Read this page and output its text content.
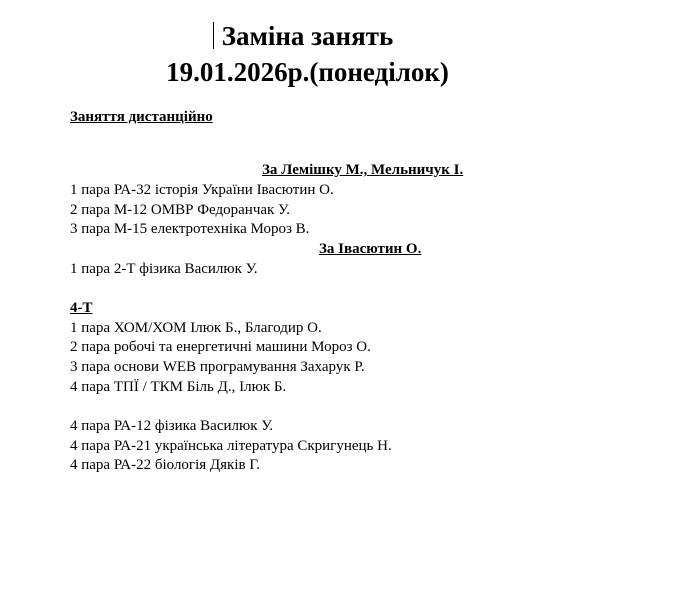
Заміна занять
19.01.2026р.(понеділок)
Заняття дистанційно
За Лемішку М., Мельничук І.
1 пара РА-32 історія України Івасютин О.
2 пара М-12 ОМВР Федоранчак У.
3 пара М-15 електротехніка Мороз В.
За Івасютин О.
1 пара 2-Т фізика Василюк У.
4-Т
1 пара ХОМ/ХОМ Ілюк Б., Благодир О.
2 пара робочі та енергетичні машини Мороз О.
3 пара основи WEB програмування Захарук Р.
4 пара ТПЇ / ТКМ Біль Д., Ілюк Б.
4 пара РА-12 фізика Василюк У.
4 пара РА-21 українська література Скригунець Н.
4 пара РА-22 біологія Дяків Г.
